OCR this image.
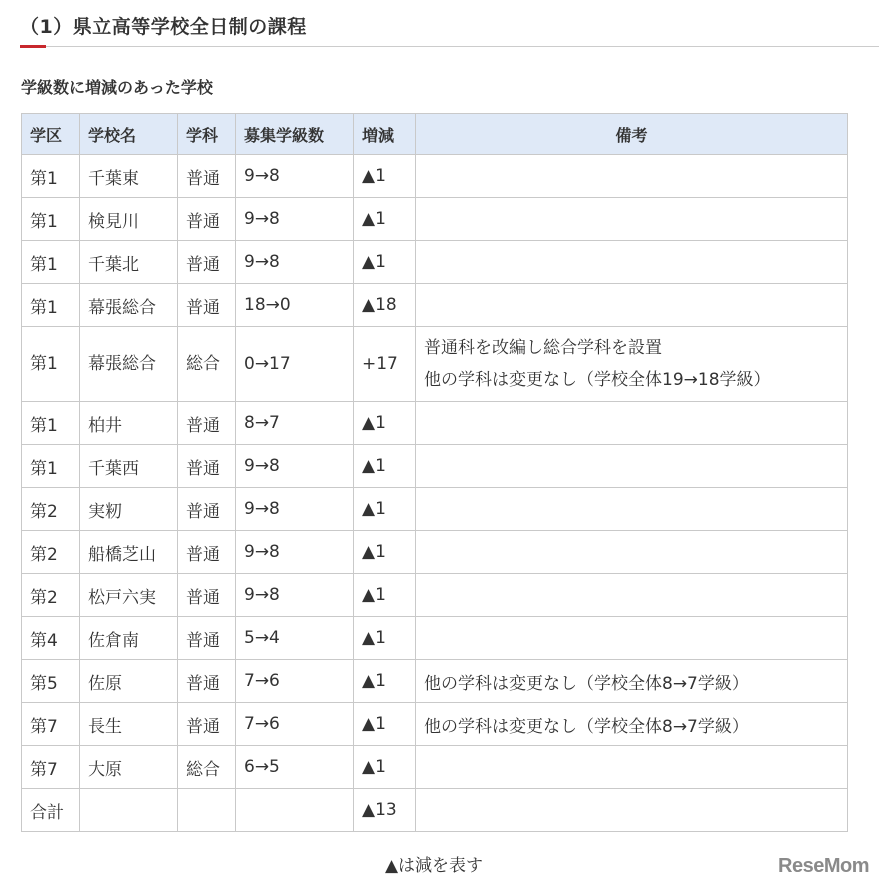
（1）県立高等学校全日制の課程
学級数に増減のあった学校
学区	学校名	学科	募集学級数	増減	備考
第1	千葉東	普通	9→8	▲1	
第1	検見川	普通	9→8	▲1	
第1	千葉北	普通	9→8	▲1	
第1	幕張総合	普通	18→0	▲18	
第1	幕張総合	総合	0→17	+17	普通科を改編し総合学科を設置
他の学科は変更なし（学校全体19→18学級）
第1	柏井	普通	8→7	▲1	
第1	千葉西	普通	9→8	▲1	
第2	実籾	普通	9→8	▲1	
第2	船橋芝山	普通	9→8	▲1	
第2	松戸六実	普通	9→8	▲1	
第4	佐倉南	普通	5→4	▲1	
第5	佐原	普通	7→6	▲1	他の学科は変更なし（学校全体8→7学級）
第7	長生	普通	7→6	▲1	他の学科は変更なし（学校全体8→7学級）
第7	大原	総合	6→5	▲1	
合計				▲13	
▲は減を表す	ReseMom
